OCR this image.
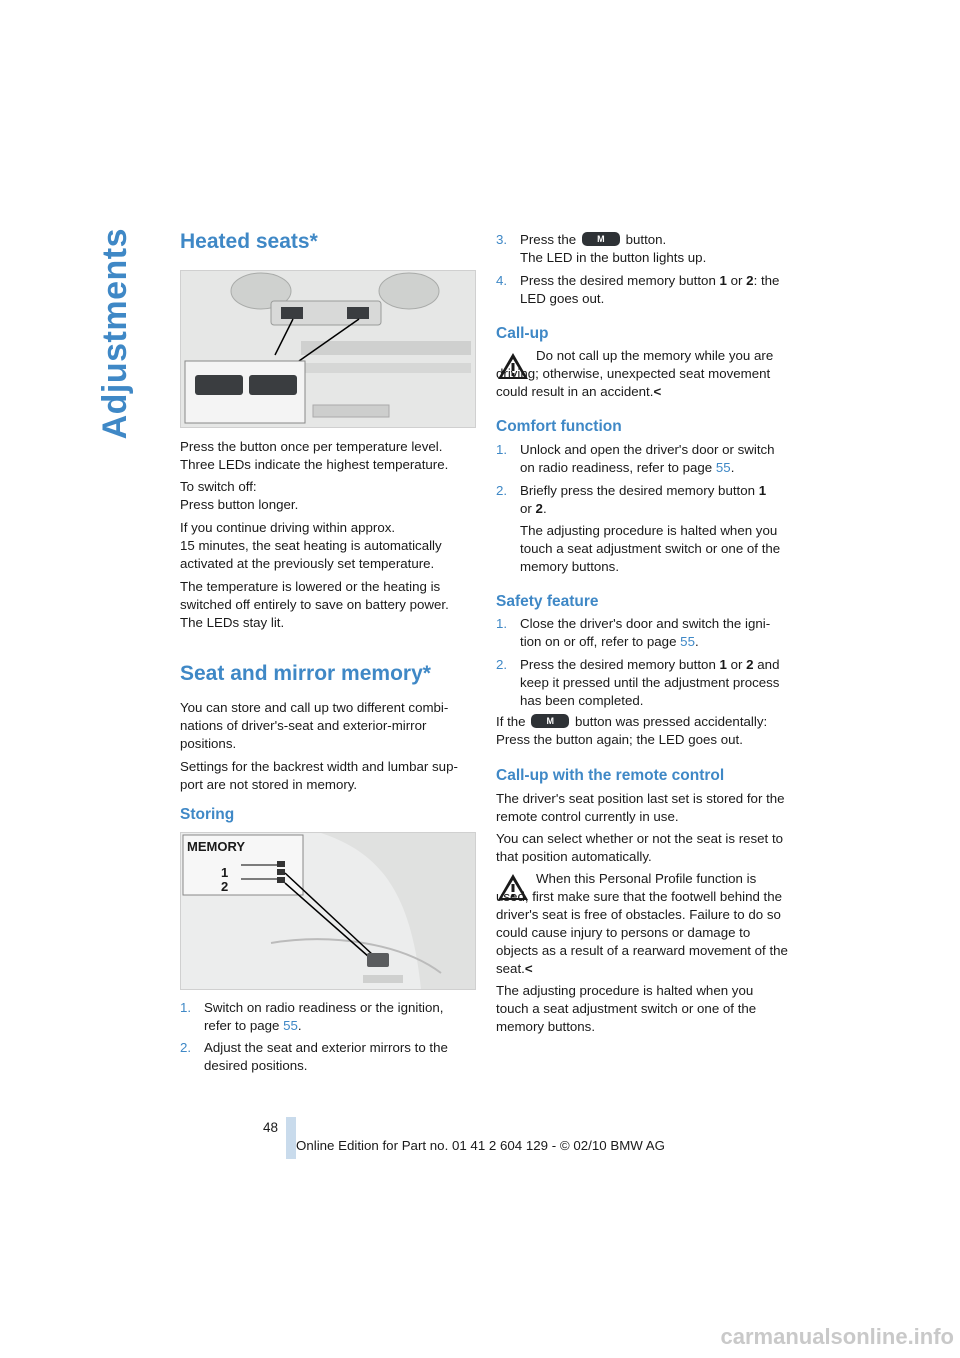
Adjustments Heated seats*

Press the button once per temperature level. Three LEDs indicate the highest temperature.

To switch off:
Press button longer.

If you continue driving within approx.
15 minutes, the seat heating is automatically activated at the previously set temperature.

The temperature is lowered or the heating is switched off entirely to save on battery power. The LEDs stay lit.

Seat and mirror memory*

You can store and call up two different combi-nations of driver's-seat and exterior-mirror positions.

Settings for the backrest width and lumbar sup-port are not stored in memory.

Storing
MEMORY
1
2
1. Switch on radio readiness or the ignition, refer to page 55.
2. Adjust the seat and exterior mirrors to the desired positions.
3. Press the	M	button.
The LED in the button lights up.
4. Press the desired memory button 1 or 2: the LED goes out.
Call-up
Do not call up the memory while you are driving; otherwise, unexpected seat movement could result in an accident.<
Comfort function
1. Unlock and open the driver's door or switch on radio readiness, refer to page 55.
2. Briefly press the desired memory button 1
or 2.
The adjusting procedure is halted when you touch a seat adjustment switch or one of the memory buttons.
Safety feature
1. Close the driver's door and switch the igni-tion on or off, refer to page 55.
2. Press the desired memory button 1 or 2 and keep it pressed until the adjustment process has been completed.
If the	M	button was pressed accidentally:
Press the button again; the LED goes out.
Call-up with the remote control

The driver's seat position last set is stored for the remote control currently in use.

You can select whether or not the seat is reset to that position automatically.

When this Personal Profile function is used, first make sure that the footwell behind the driver's seat is free of obstacles. Failure to do so could cause injury to persons or damage to objects as a result of a rearward movement of the seat.<

The adjusting procedure is halted when you touch a seat adjustment switch or one of the memory buttons.

48
Online Edition for Part no. 01 41 2 604 129 - © 02/10 BMW AG
carmanualsonline.info
